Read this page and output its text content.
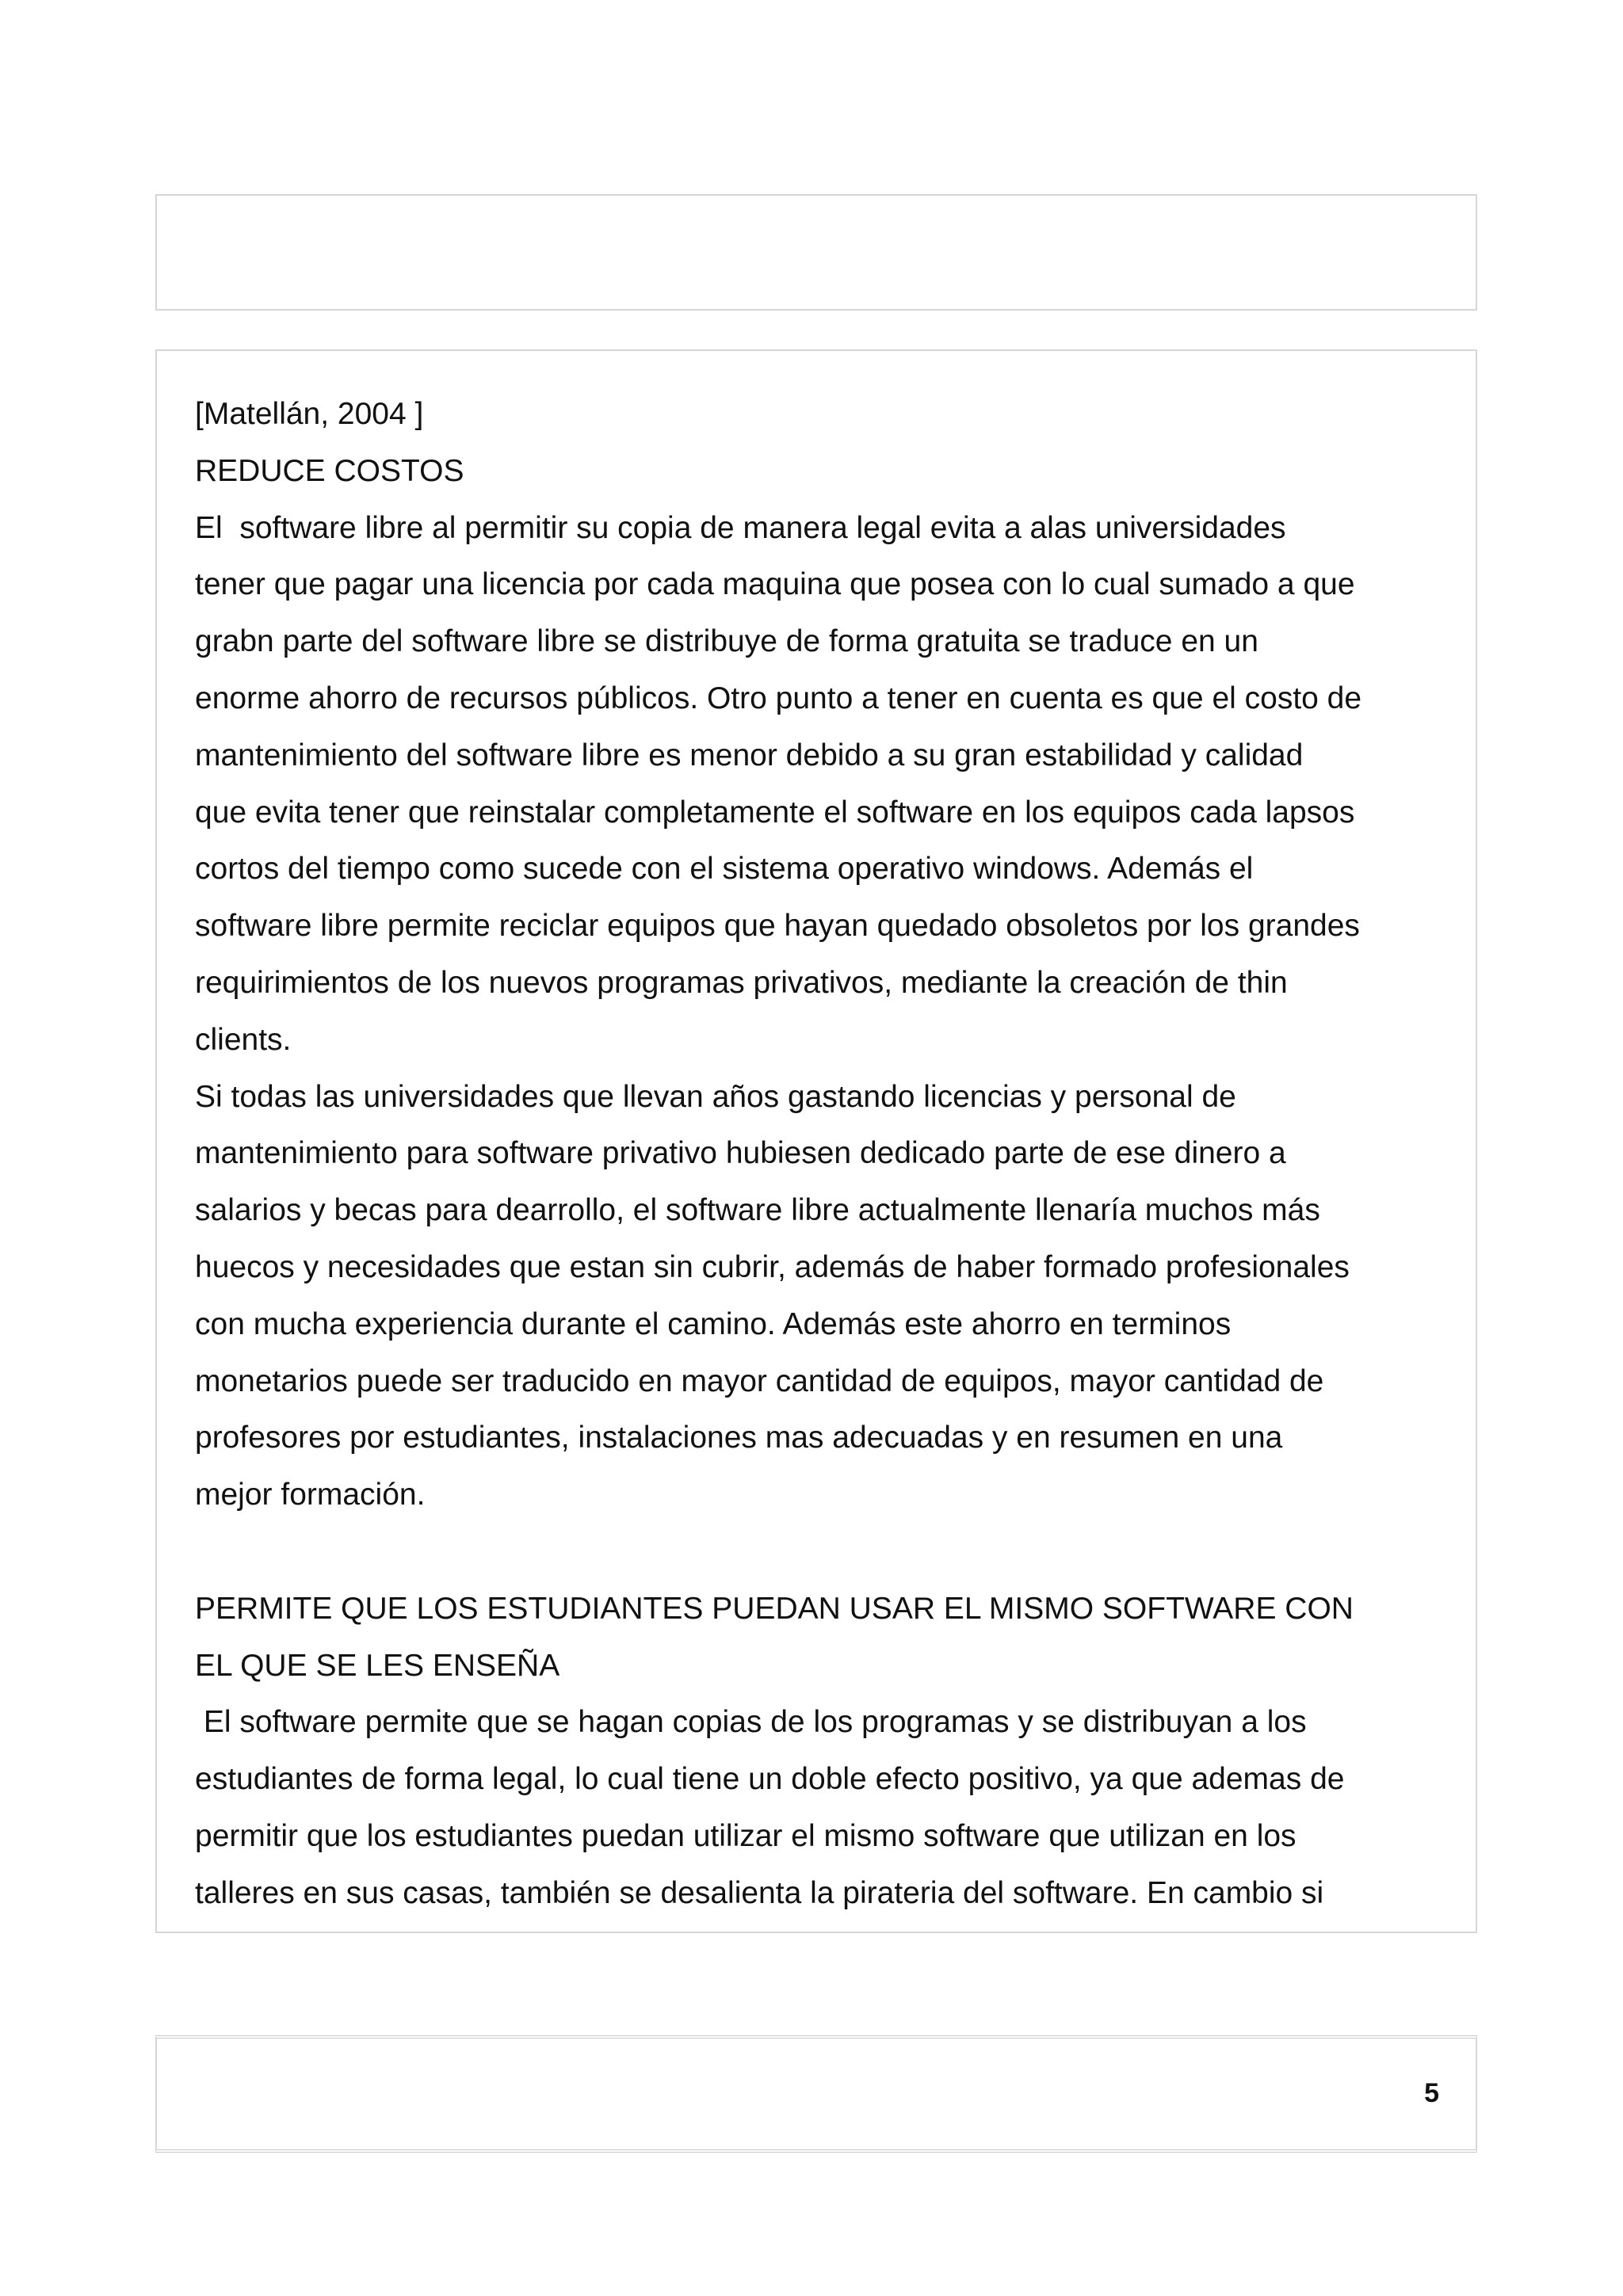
[Matellán, 2004 ]

REDUCE COSTOS

El  software libre al permitir su copia de manera legal evita a alas universidades

tener que pagar una licencia por cada maquina que posea con lo cual sumado a que

grabn parte del software libre se distribuye de forma gratuita se traduce en un

enorme ahorro de recursos públicos. Otro punto a tener en cuenta es que el costo de

mantenimiento del software libre es menor debido a su gran estabilidad y calidad

que evita tener que reinstalar completamente el software en los equipos cada lapsos

cortos del tiempo como sucede con el sistema operativo windows. Además el

software libre permite reciclar equipos que hayan quedado obsoletos por los grandes

requirimientos de los nuevos programas privativos, mediante la creación de thin

clients.

Si todas las universidades que llevan años gastando licencias y personal de

mantenimiento para software privativo hubiesen dedicado parte de ese dinero a

salarios y becas para dearrollo, el software libre actualmente llenaría muchos más

huecos y necesidades que estan sin cubrir, además de haber formado profesionales

con mucha experiencia durante el camino. Además este ahorro en terminos

monetarios puede ser traducido en mayor cantidad de equipos, mayor cantidad de

profesores por estudiantes, instalaciones mas adecuadas y en resumen en una

mejor formación.

PERMITE QUE LOS ESTUDIANTES PUEDAN USAR EL MISMO SOFTWARE CON

EL QUE SE LES ENSEÑA

El software permite que se hagan copias de los programas y se distribuyan a los

estudiantes de forma legal, lo cual tiene un doble efecto positivo, ya que ademas de

permitir que los estudiantes puedan utilizar el mismo software que utilizan en los

talleres en sus casas, también se desalienta la pirateria del software. En cambio si

5
